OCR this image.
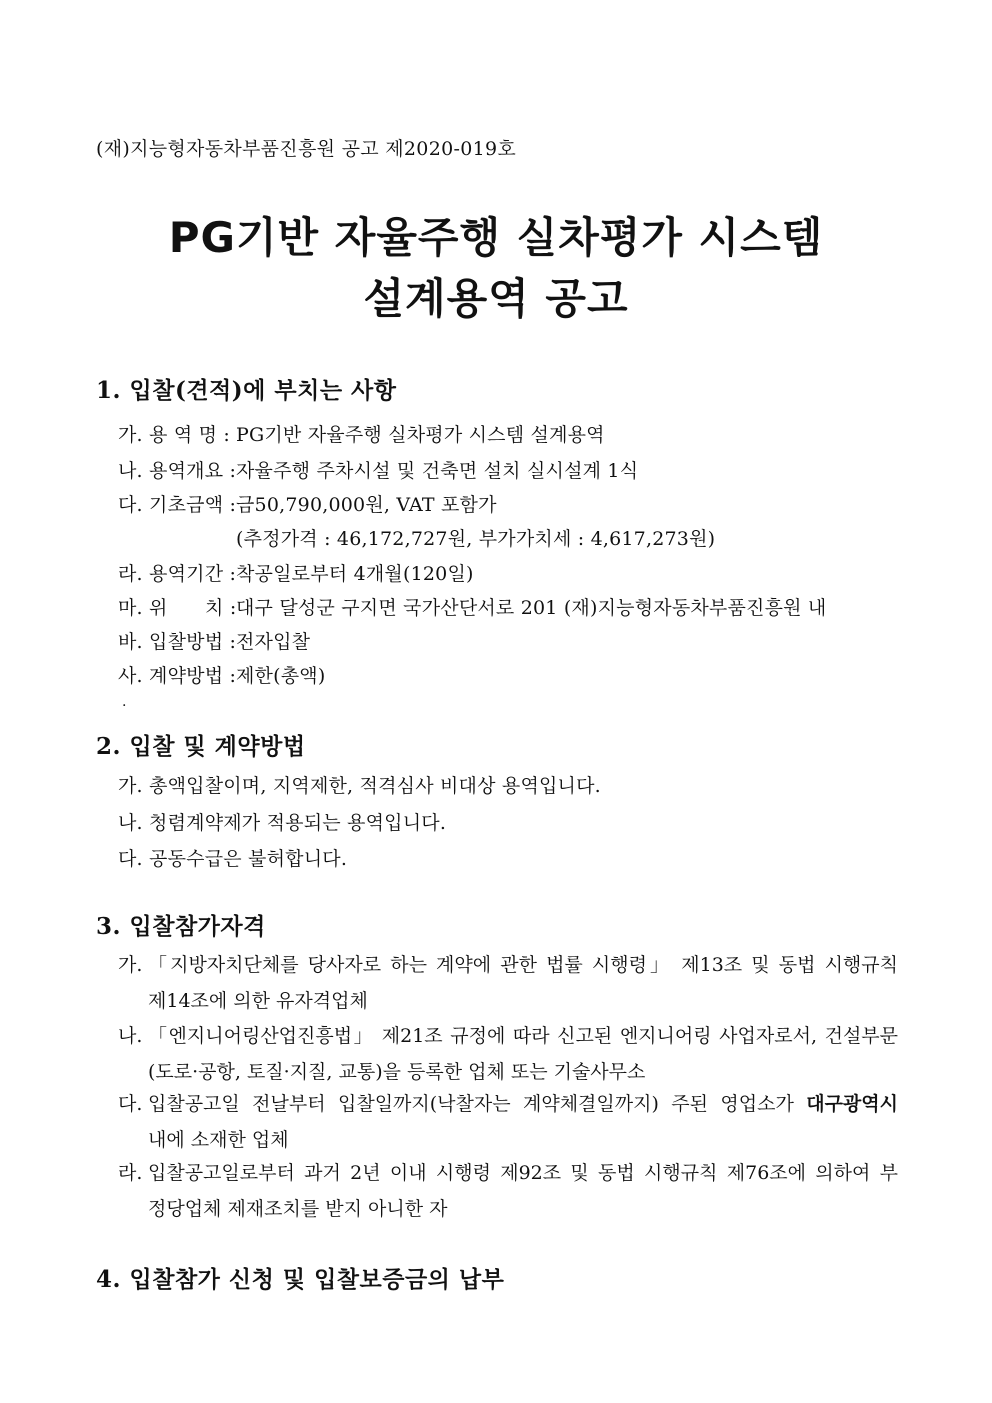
(재)지능형자동차부품진흥원 공고 제2020-019호
PG기반 자율주행 실차평가 시스템
설계용역 공고
1. 입찰(견적)에 부치는 사항
가. 용 역 명 : PG기반 자율주행 실차평가 시스템 설계용역
나. 용역개요 :자율주행 주차시설 및 건축면 설치 실시설계 1식
다. 기초금액 :금50,790,000원, VAT 포함가
(추정가격 : 46,172,727원, 부가가치세 : 4,617,273원)
라. 용역기간 :착공일로부터 4개월(120일)
마. 위      치 :대구 달성군 구지면 국가산단서로 201 (재)지능형자동차부품진흥원 내
바. 입찰방법 :전자입찰
사. 계약방법 :제한(총액)
.
2. 입찰 및 계약방법
가. 총액입찰이며, 지역제한, 적격심사 비대상 용역입니다.
나. 청렴계약제가 적용되는 용역입니다.
다. 공동수급은 불허합니다.
3. 입찰참가자격
가. 「지방자치단체를 당사자로 하는 계약에 관한 법률 시행령」 제13조 및 동법 시행규칙
제14조에 의한 유자격업체
나. 「엔지니어링산업진흥법」 제21조 규정에 따라 신고된 엔지니어링 사업자로서, 건설부문
(도로·공항, 토질·지질, 교통)을 등록한 업체 또는 기술사무소
다. 입찰공고일 전날부터 입찰일까지(낙찰자는 계약체결일까지) 주된 영업소가 대구광역시
내에 소재한 업체
라. 입찰공고일로부터 과거 2년 이내 시행령 제92조 및 동법 시행규칙 제76조에 의하여 부
정당업체 제재조치를 받지 아니한 자
4. 입찰참가 신청 및 입찰보증금의 납부
